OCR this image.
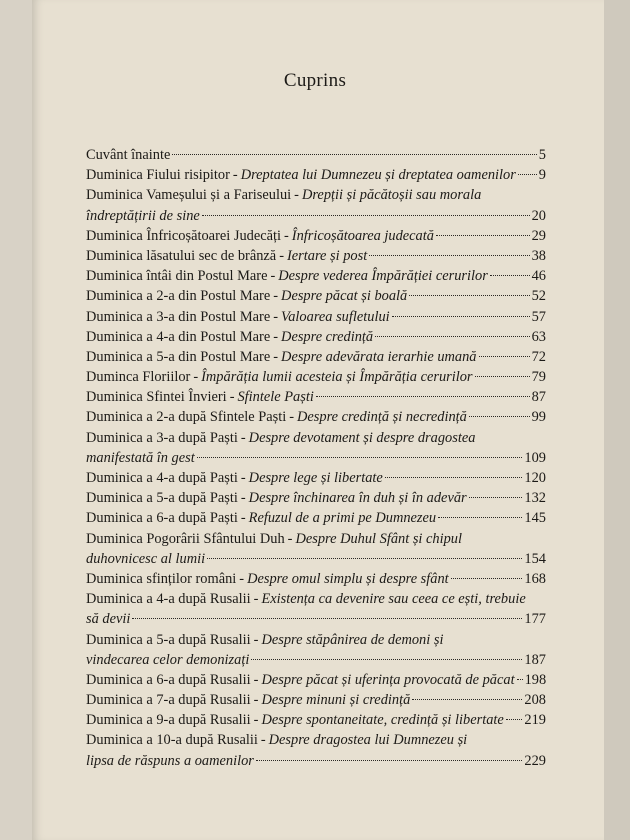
Cuprins
Cuvânt înainte	5
Duminica Fiului risipitor - Dreptatea lui Dumnezeu și dreptatea oamenilor 9
Duminica Vameșului și a Fariseului - Drepții și păcătoșii sau morala
îndreptățirii de sine	20
Duminica Înfricoșătoarei Judecăți - Înfricoșătoarea judecată	29
Duminica lăsatului sec de brânză - Iertare și post	38
Duminica întâi din Postul Mare - Despre vederea Împărăției cerurilor	46
Duminica a 2-a din Postul Mare - Despre păcat și boală	52
Duminica a 3-a din Postul Mare - Valoarea sufletului	57
Duminica a 4-a din Postul Mare - Despre credință	63
Duminica a 5-a din Postul Mare - Despre adevărata ierarhie umană	72
Duminca Floriilor - Împărăția lumii acesteia și Împărăția cerurilor	79
Duminica Sfintei Învieri - Sfintele Paști	87
Duminica a 2-a după Sfintele Paști - Despre credință și necredință	99
Duminica a 3-a după Paști - Despre devotament și despre dragostea
manifestată în gest	109
Duminica a 4-a după Paști - Despre lege și libertate	120
Duminica a 5-a după Paști - Despre închinarea în duh și în adevăr	132
Duminica a 6-a după Paști - Refuzul de a primi pe Dumnezeu	145
Duminica Pogorârii Sfântului Duh - Despre Duhul Sfânt și chipul
duhovnicesc al lumii	154
Duminica sfinților români - Despre omul simplu și despre sfânt	168
Duminica a 4-a după Rusalii - Existența ca devenire sau ceea ce ești, trebuie
să devii	177
Duminica a 5-a după Rusalii - Despre stăpânirea de demoni și
vindecarea celor demonizați	187
Duminica a 6-a după Rusalii - Despre păcat și uferința provocată de păcat 198
Duminica a 7-a după Rusalii - Despre minuni și credință	208
Duminica a 9-a după Rusalii - Despre spontaneitate, credință și libertate 219
Duminica a 10-a după Rusalii - Despre dragostea lui Dumnezeu și
lipsa de răspuns a oamenilor	229
